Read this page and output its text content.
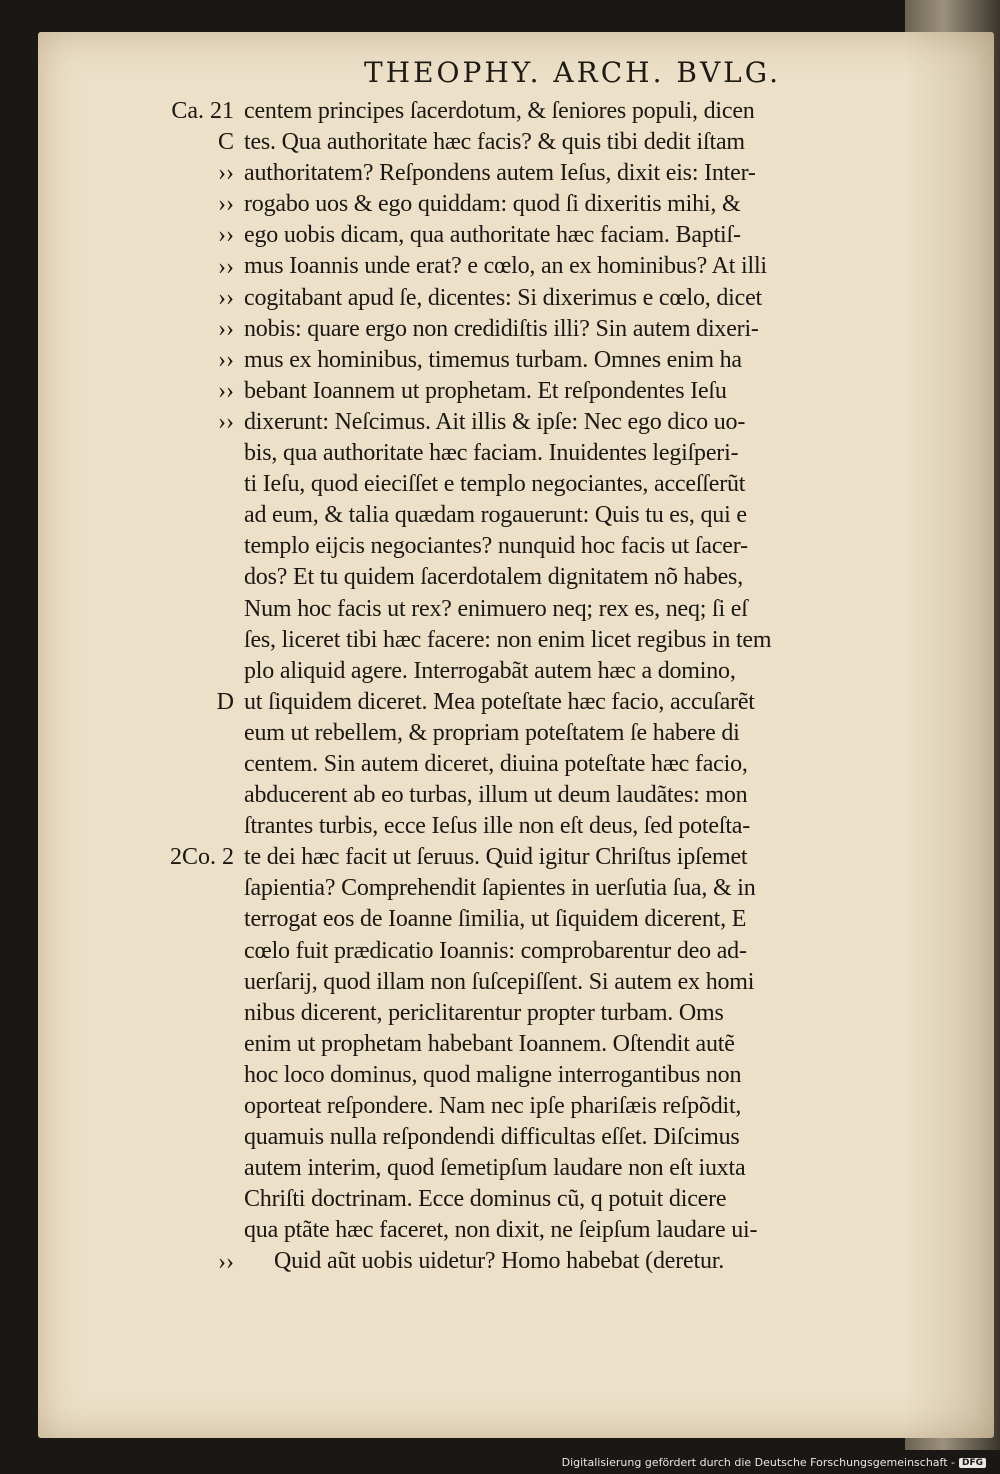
THEOPHY. ARCH. BVLG.
Ca. 21
C
››
››
››
››
››
››
››
››
››
D
2Co. 2
››
centem principes ſacerdotum, & ſeniores populi, dicen
tes. Qua authoritate hæc facis? & quis tibi dedit iſtam
authoritatem? Reſpondens autem Ieſus, dixit eis: Inter-
rogabo uos & ego quiddam: quod ſi dixeritis mihi, &
ego uobis dicam, qua authoritate hæc faciam. Baptiſ-
mus Ioannis unde erat? e cœlo, an ex hominibus? At illi
cogitabant apud ſe, dicentes: Si dixerimus e cœlo, dicet
nobis: quare ergo non credidiſtis illi? Sin autem dixeri-
mus ex hominibus, timemus turbam. Omnes enim ha
bebant Ioannem ut prophetam. Et reſpondentes Ieſu
dixerunt: Neſcimus. Ait illis & ipſe: Nec ego dico uo-
bis, qua authoritate hæc faciam. Inuidentes legiſperi-
ti Ieſu, quod eieciſſet e templo negociantes, acceſſerũt
ad eum, & talia quædam rogauerunt: Quis tu es, qui e
templo eijcis negociantes? nunquid hoc facis ut ſacer-
dos? Et tu quidem ſacerdotalem dignitatem nõ habes,
Num hoc facis ut rex? enimuero neq; rex es, neq; ſi eſ
ſes, liceret tibi hæc facere: non enim licet regibus in tem
plo aliquid agere. Interrogabãt autem hæc a domino,
ut ſiquidem diceret. Mea poteſtate hæc facio, accuſarẽt
eum ut rebellem, & propriam poteſtatem ſe habere di
centem. Sin autem diceret, diuina poteſtate hæc facio,
abducerent ab eo turbas, illum ut deum laudãtes: mon
ſtrantes turbis, ecce Ieſus ille non eſt deus, ſed poteſta-
te dei hæc facit ut ſeruus. Quid igitur Chriſtus ipſemet
ſapientia? Comprehendit ſapientes in uerſutia ſua, & in
terrogat eos de Ioanne ſimilia, ut ſiquidem dicerent, E
cœlo fuit prædicatio Ioannis: comprobarentur deo ad-
uerſarij, quod illam non ſuſcepiſſent. Si autem ex homi
nibus dicerent, periclitarentur propter turbam. Oms
enim ut prophetam habebant Ioannem. Oſtendit autẽ
hoc loco dominus, quod maligne interrogantibus non
oporteat reſpondere. Nam nec ipſe phariſæis reſpõdit,
quamuis nulla reſpondendi difficultas eſſet. Diſcimus
autem interim, quod ſemetipſum laudare non eſt iuxta
Chriſti doctrinam. Ecce dominus cũ, q potuit dicere
qua ptãte hæc faceret, non dixit, ne ſeipſum laudare ui-
Quid aũt uobis uidetur? Homo habebat (deretur.
Digitalisierung gefördert durch die Deutsche Forschungsgemeinschaft - DFG
